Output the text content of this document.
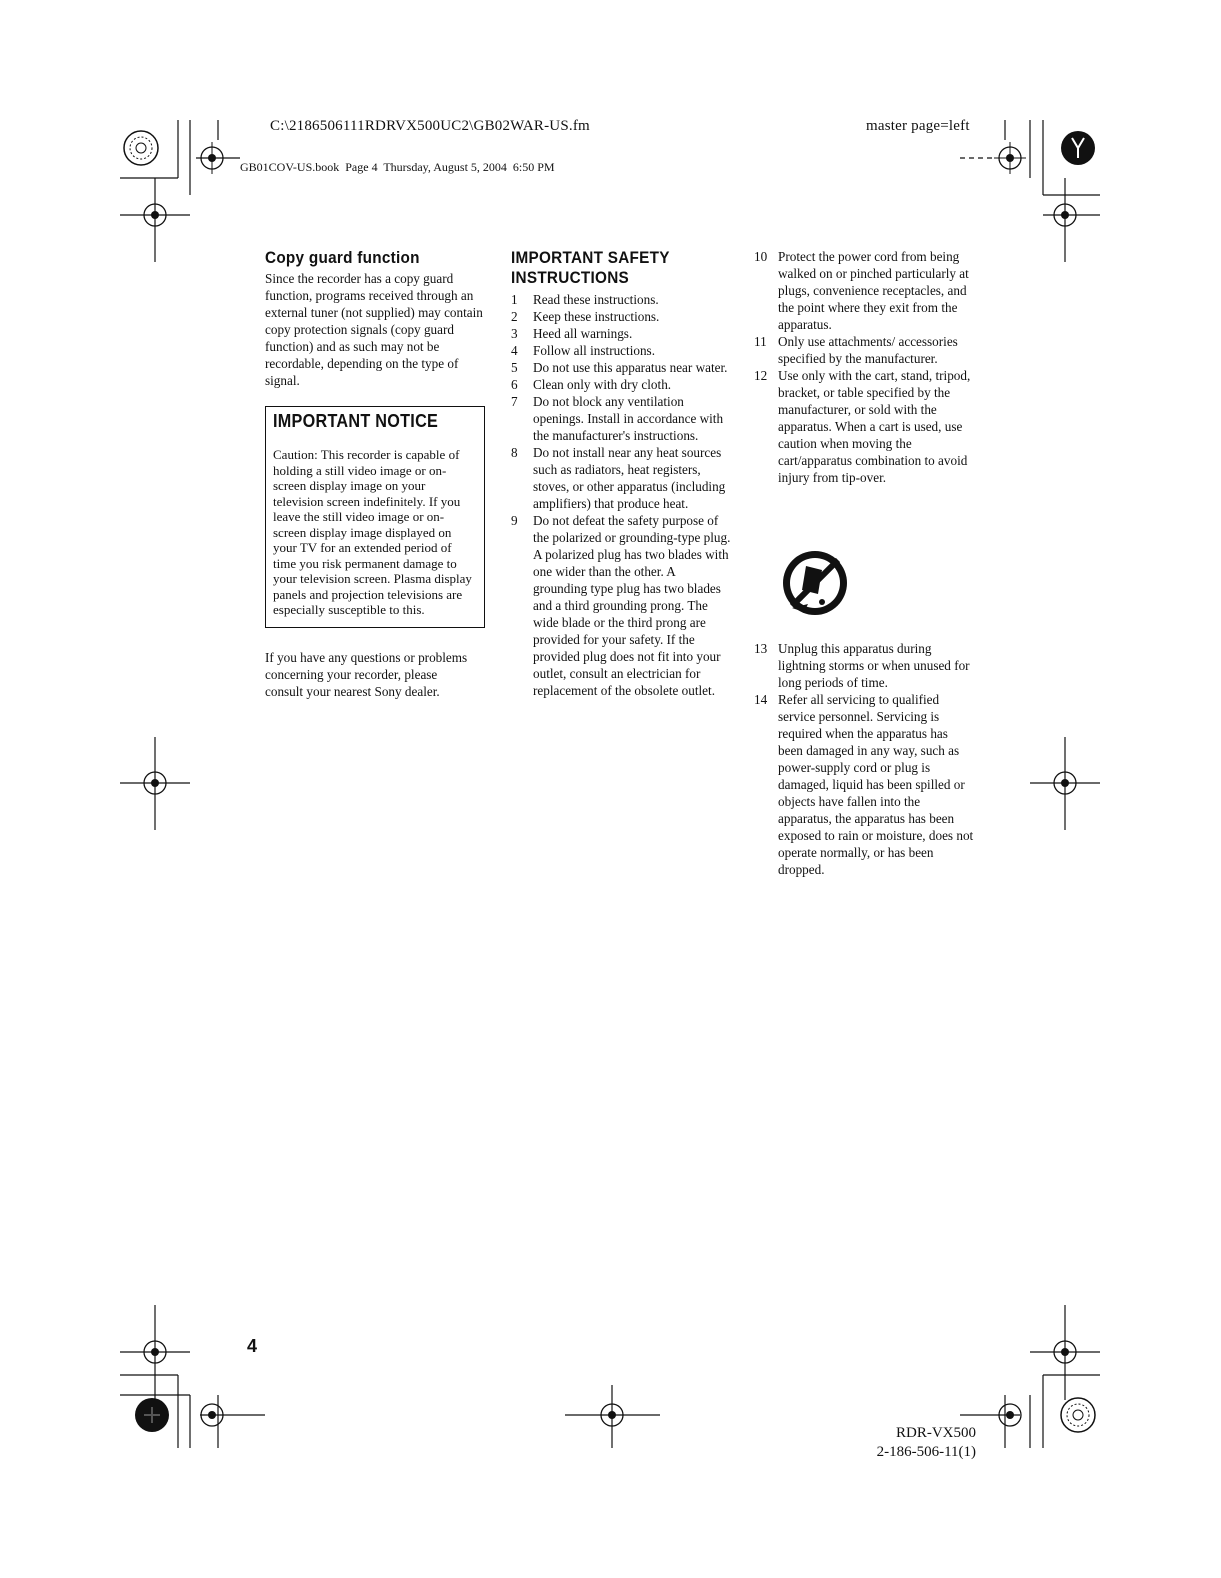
C:\2186506111RDRVX500UC2\GB02WAR-US.fm	master page=left
GB01COV-US.book  Page 4  Thursday, August 5, 2004  6:50 PM
Copy guard function
Since the recorder has a copy guard function, programs received through an external tuner (not supplied) may contain copy protection signals (copy guard function) and as such may not be recordable, depending on the type of signal.
IMPORTANT NOTICE
Caution: This recorder is capable of holding a still video image or on-screen display image on your television screen indefinitely. If you leave the still video image or on-screen display image displayed on your TV for an extended period of time you risk permanent damage to your television screen. Plasma display panels and projection televisions are especially susceptible to this.
If you have any questions or problems concerning your recorder, please consult your nearest Sony dealer.
IMPORTANT SAFETY
INSTRUCTIONS
1 Read these instructions.
2 Keep these instructions.
3 Heed all warnings.
4 Follow all instructions.
5 Do not use this apparatus near water.
6 Clean only with dry cloth.
7 Do not block any ventilation openings. Install in accordance with the manufacturer's instructions.
8 Do not install near any heat sources such as radiators, heat registers, stoves, or other apparatus (including amplifiers) that produce heat.
9 Do not defeat the safety purpose of the polarized or grounding-type plug. A polarized plug has two blades with one wider than the other. A grounding type plug has two blades and a third grounding prong. The wide blade or the third prong are provided for your safety. If the provided plug does not fit into your outlet, consult an electrician for replacement of the obsolete outlet.
10 Protect the power cord from being walked on or pinched particularly at plugs, convenience receptacles, and the point where they exit from the apparatus.
11 Only use attachments/ accessories specified by the manufacturer.
12 Use only with the cart, stand, tripod, bracket, or table specified by the manufacturer, or sold with the apparatus. When a cart is used, use caution when moving the cart/apparatus combination to avoid injury from tip-over.
13 Unplug this apparatus during lightning storms or when unused for long periods of time.
14 Refer all servicing to qualified service personnel. Servicing is required when the apparatus has been damaged in any way, such as power-supply cord or plug is damaged, liquid has been spilled or objects have fallen into the apparatus, the apparatus has been exposed to rain or moisture, does not operate normally, or has been dropped.
4
RDR-VX500
2-186-506-11(1)
